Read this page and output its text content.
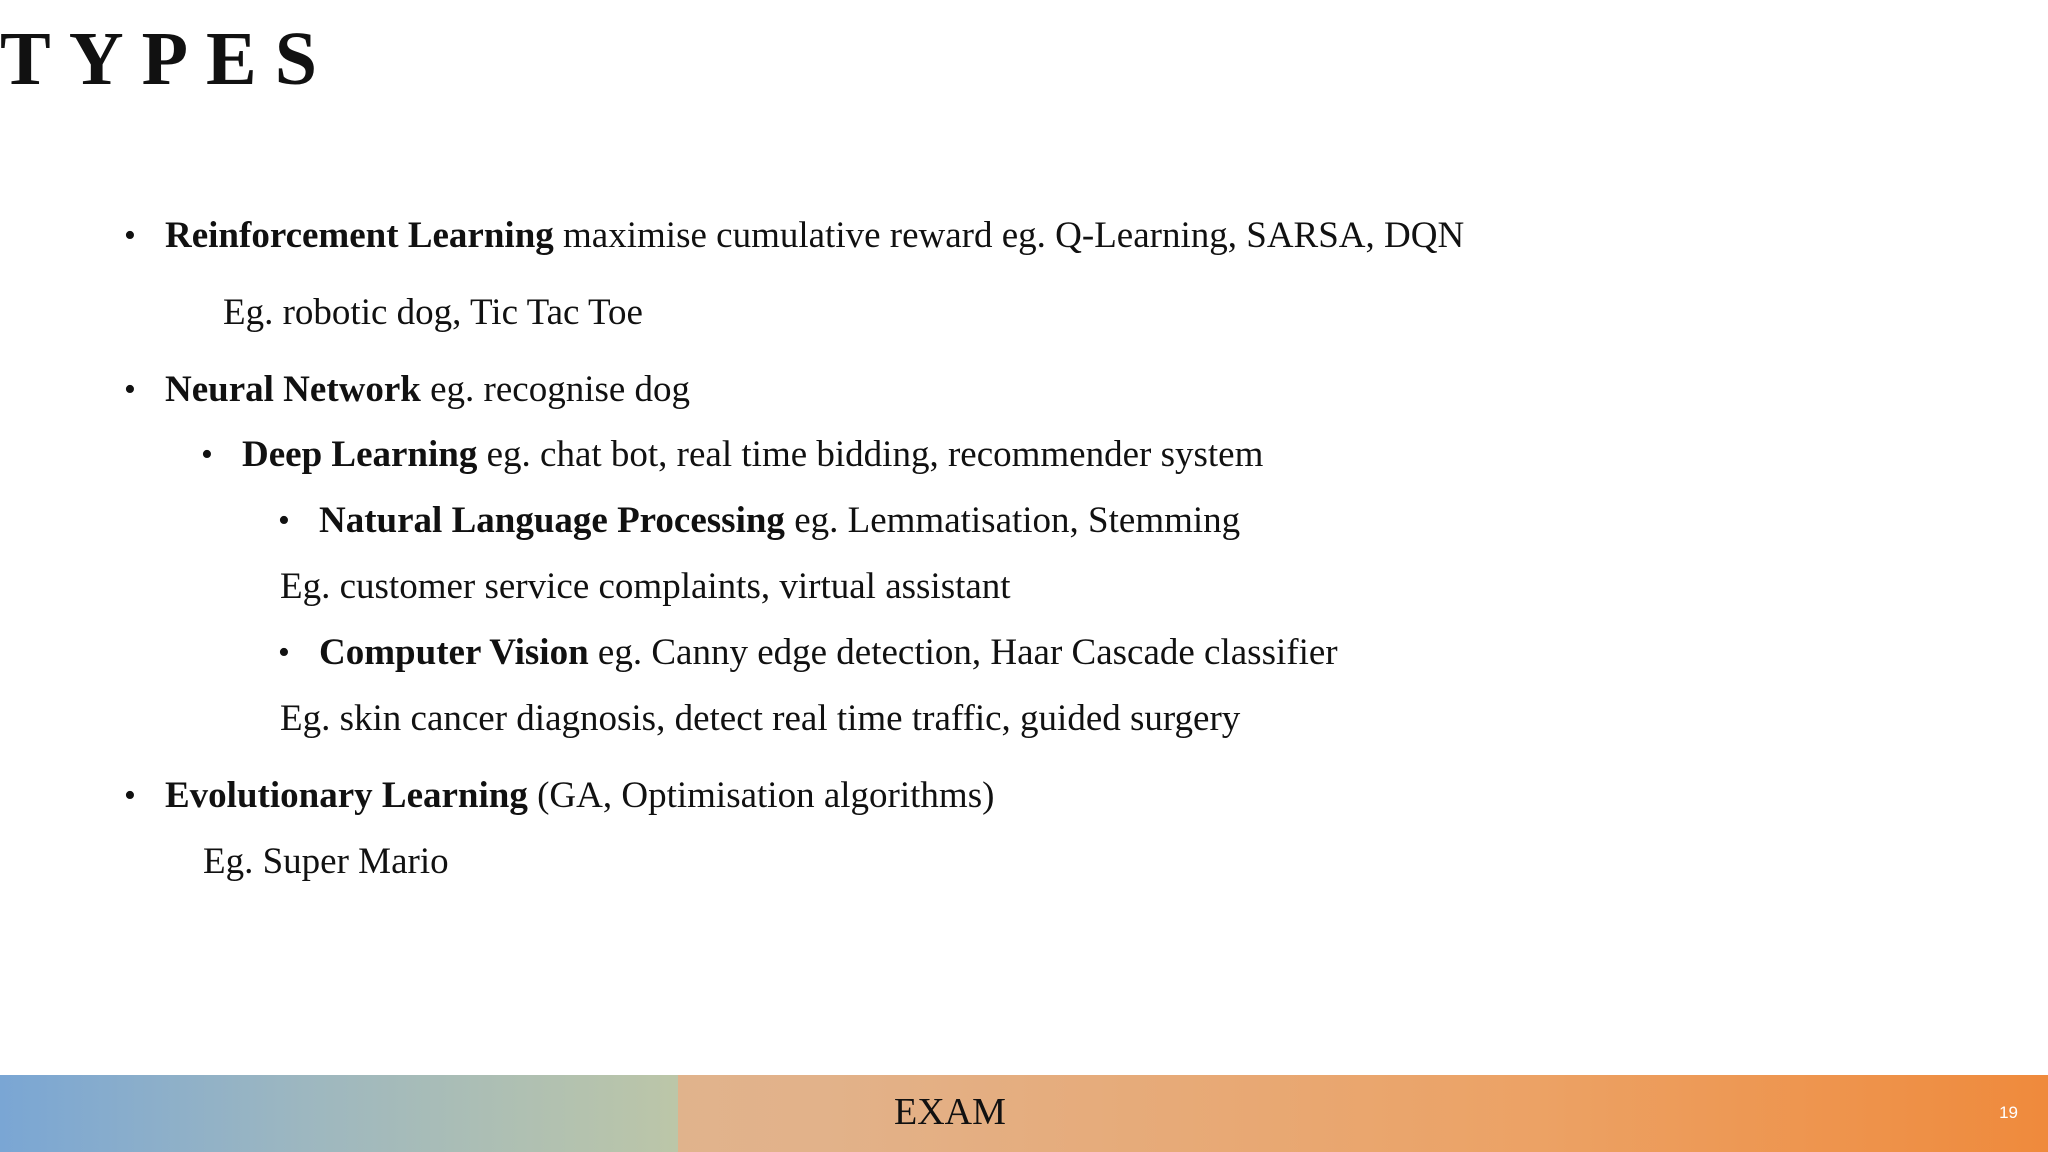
TYPES
• Reinforcement Learning maximise cumulative reward eg. Q-Learning, SARSA, DQN
Eg. robotic dog, Tic Tac Toe
• Neural Network eg. recognise dog
• Deep Learning eg. chat bot, real time bidding, recommender system
• Natural Language Processing eg. Lemmatisation, Stemming
Eg. customer service complaints, virtual assistant
• Computer Vision eg. Canny edge detection, Haar Cascade classifier
Eg. skin cancer diagnosis, detect real time traffic, guided surgery
• Evolutionary Learning (GA, Optimisation algorithms)
Eg. Super Mario
EXAM	19
